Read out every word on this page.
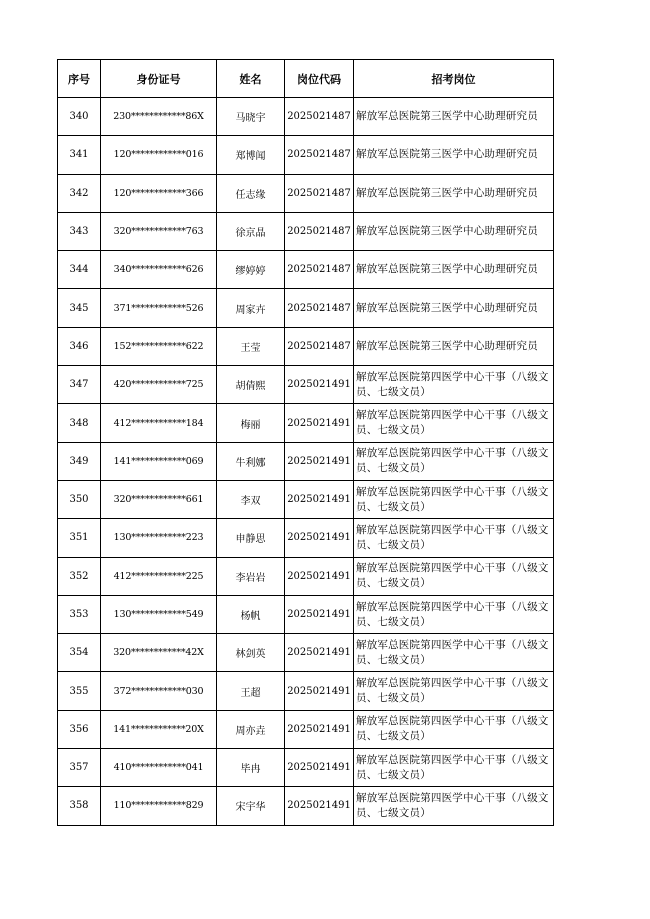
序号	身份证号	姓名	岗位代码	招考岗位
340	230************86X	马晓宇	2025021487	解放军总医院第三医学中心助理研究员
341	120************016	郑博闻	2025021487	解放军总医院第三医学中心助理研究员
342	120************366	任志缘	2025021487	解放军总医院第三医学中心助理研究员
343	320************763	徐京晶	2025021487	解放军总医院第三医学中心助理研究员
344	340************626	缪婷婷	2025021487	解放军总医院第三医学中心助理研究员
345	371************526	周家卉	2025021487	解放军总医院第三医学中心助理研究员
346	152************622	王莹	2025021487	解放军总医院第三医学中心助理研究员
347	420************725	胡倩熙	2025021491	解放军总医院第四医学中心干事（八级文员、七级文员）
348	412************184	梅丽	2025021491	解放军总医院第四医学中心干事（八级文员、七级文员）
349	141************069	牛利娜	2025021491	解放军总医院第四医学中心干事（八级文员、七级文员）
350	320************661	李双	2025021491	解放军总医院第四医学中心干事（八级文员、七级文员）
351	130************223	申静思	2025021491	解放军总医院第四医学中心干事（八级文员、七级文员）
352	412************225	李岩岩	2025021491	解放军总医院第四医学中心干事（八级文员、七级文员）
353	130************549	杨帆	2025021491	解放军总医院第四医学中心干事（八级文员、七级文员）
354	320************42X	林剑英	2025021491	解放军总医院第四医学中心干事（八级文员、七级文员）
355	372************030	王超	2025021491	解放军总医院第四医学中心干事（八级文员、七级文员）
356	141************20X	周亦垚	2025021491	解放军总医院第四医学中心干事（八级文员、七级文员）
357	410************041	毕冉	2025021491	解放军总医院第四医学中心干事（八级文员、七级文员）
358	110************829	宋宇华	2025021491	解放军总医院第四医学中心干事（八级文员、七级文员）
